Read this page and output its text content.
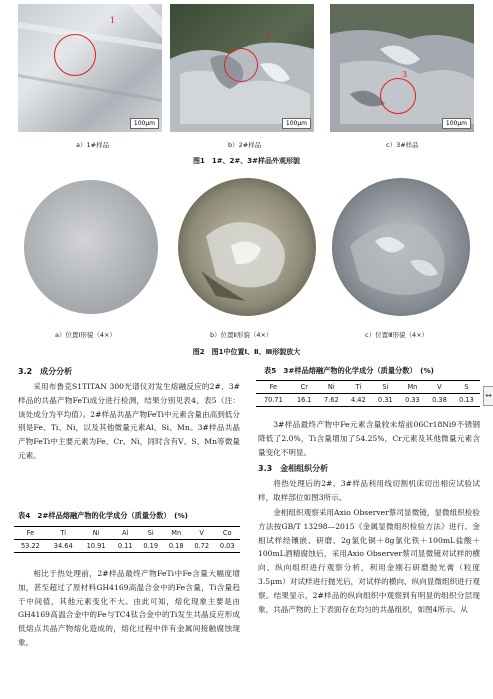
1
100μm
2
100μm
3
100μm
a）1#样品	b）2#样品	c）3#样品
图1　1#、2#、3#样品外观形貌
a）位置Ⅰ形貌（4×）	b）位置Ⅱ形貌（4×）	c）位置Ⅲ形貌（4×）
图2　图1中位置Ⅰ、Ⅱ、Ⅲ形貌放大
3.2　成分分析
采用布鲁克S1TITAN 300光谱仪对发生熔融反应的2#、3#样品的共晶产物FeTi成分进行检测，结果分别见表4、表5（注：该处成分为平均值）。2#样品共晶产物FeTi中元素含量由高到低分别是Fe、Ti、Ni，以及其他微量元素Al、Si、Mn。3#样品共晶产物FeTi中主要元素为Fe、Cr、Ni，同时含有V、S、Mn等微量元素。
表4　2#样品熔融产物的化学成分（质量分数）　(%)
Fe	Ti	Ni	Al	Si	Mn	V	Co
53.22	34.64	10.91	0.11	0.19	0.18	0.72	0.03
相比于热处理前，2#样品最终产物FeTi中Fe含量大幅度增加，甚至超过了原材料GH4169高温合金中的Fe含量，Ti含量趋于中间值，其他元素变化不大。由此可知，熔化现象主要是由GH4169高温合金中的Fe与TC4钛合金中的Ti发生共晶反应形成低熔点共晶产物熔化造成的，熔化过程中伴有金属间接触腐蚀现象。
表5　3#样品熔融产物的化学成分（质量分数）　(%)
Fe	Cr	Ni	Ti	Si	Mn	V	S
70.71	16.1	7.62	4.42	0.31	0.33	0.38	0.13
3#样品最终产物中Fe元素含量较未熔前06Cr18Ni9不锈钢降低了2.0%，Ti含量增加了54.25%，Cr元素及其他微量元素含量变化不明显。
3.3　金相组织分析
将热处理后的2#、3#样品利用线切割机床切出相应试验试样，取样部位如图3所示。
金相组织观察采用Axio Observer蔡司显微镜，显微组织检验方法按GB/T 13298—2015《金属显微组织检验方法》进行。金相试样经镶嵌、研磨、2g氯化铜＋8g氯化铁＋100mL盐酸＋100mL酒精腐蚀后，采用Axio Observer蔡司显微镜对试样的横向、纵向组织进行观察分析，利用金刚石研磨抛光膏（粒度3.5μm）对试样进行抛光后，对试样的横向、纵向显微组织进行观察。结果显示，2#样品的纵向组织中观察到有明显的组织分层现象，共晶产物的上下表面存在均匀的共晶组织，如图4所示。从
↔
